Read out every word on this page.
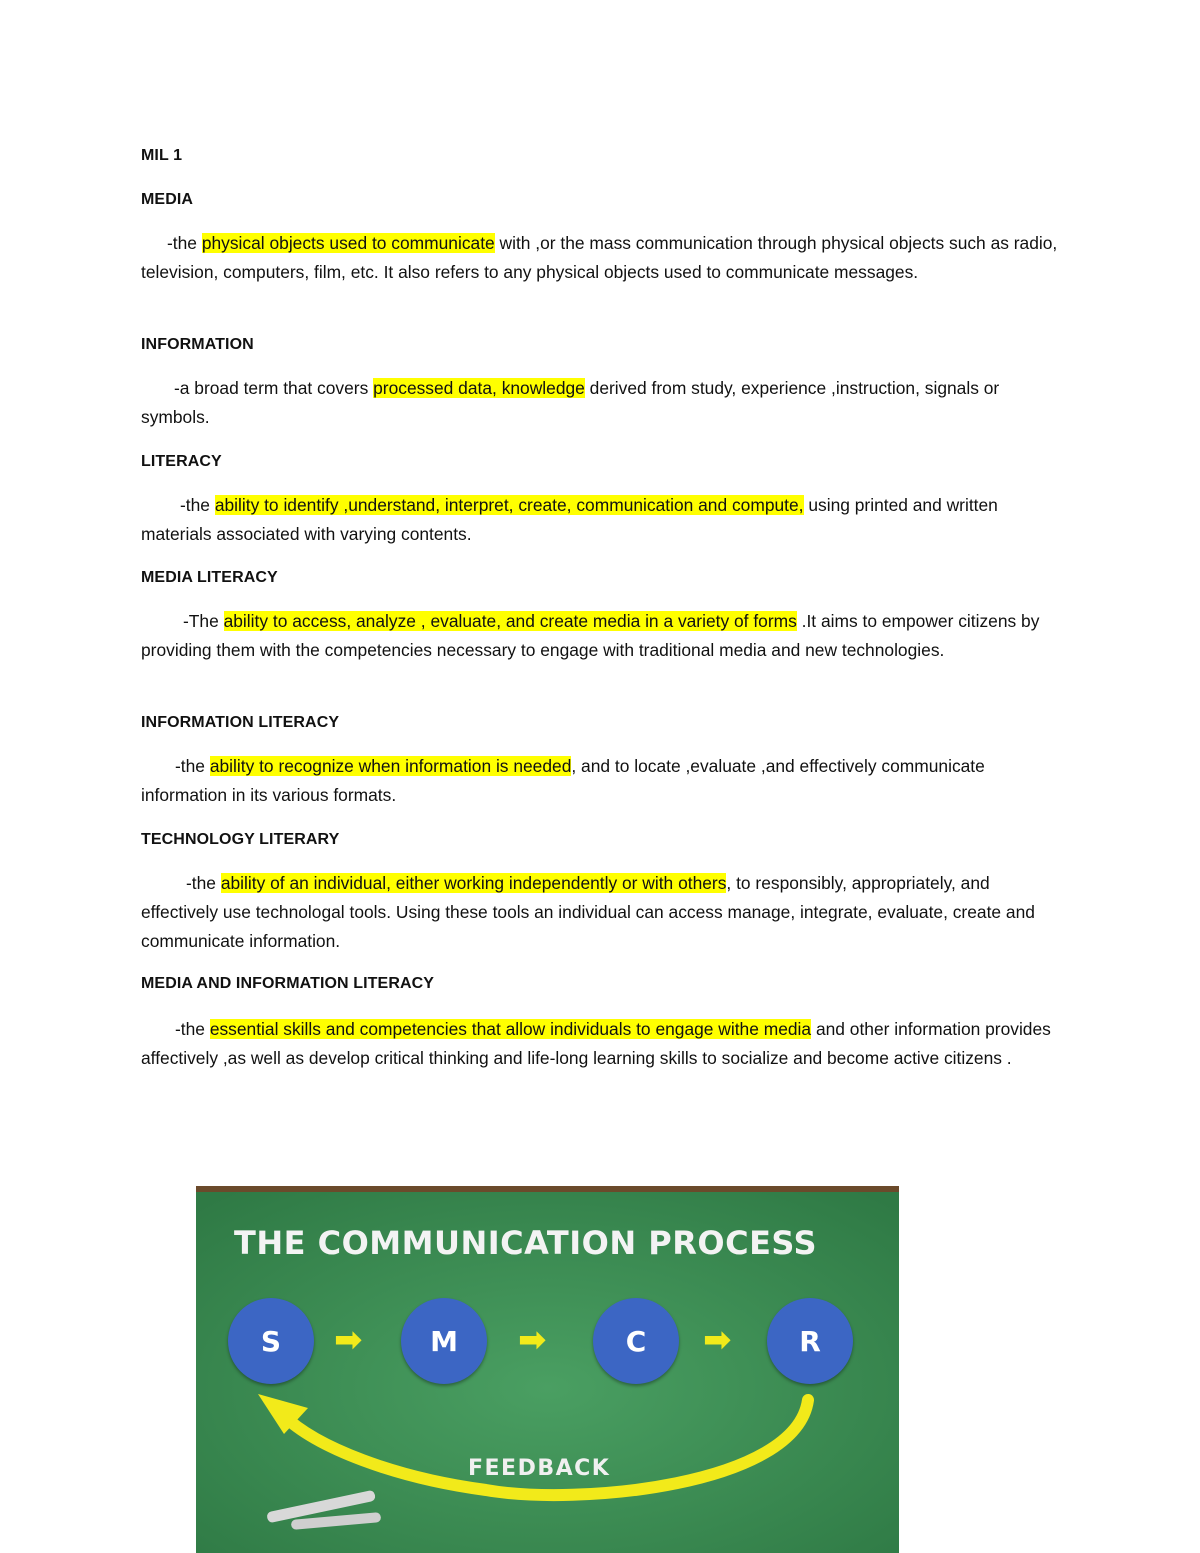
MIL 1

MEDIA

-the physical objects used to communicate with ,or the mass communication through physical objects such as radio, television, computers, film, etc. It also refers to any physical objects used to communicate messages.

INFORMATION

-a broad term that covers processed data, knowledge derived from study, experience ,instruction, signals or symbols.

LITERACY

-the ability to identify ,understand, interpret, create, communication and compute, using printed and written materials associated with varying contents.

MEDIA LITERACY

-The ability to access, analyze , evaluate, and create media in a variety of forms .It aims to empower citizens by providing them with the competencies necessary to engage with traditional media and new technologies.

INFORMATION LITERACY

-the ability to recognize when information is needed, and to locate ,evaluate ,and effectively communicate information in its various formats.

TECHNOLOGY LITERARY

-the ability of an individual, either working independently or with others, to responsibly, appropriately, and effectively use technologal tools. Using these tools an individual can access manage, integrate, evaluate, create and communicate information.

MEDIA AND INFORMATION LITERACY

-the essential skills and competencies that allow individuals to engage withe media and other information provides affectively ,as well as develop critical thinking and life-long learning skills to socialize and become active citizens .

THE COMMUNICATION PROCESS

S	➡	M	➡	C	➡	R

FEEDBACK
